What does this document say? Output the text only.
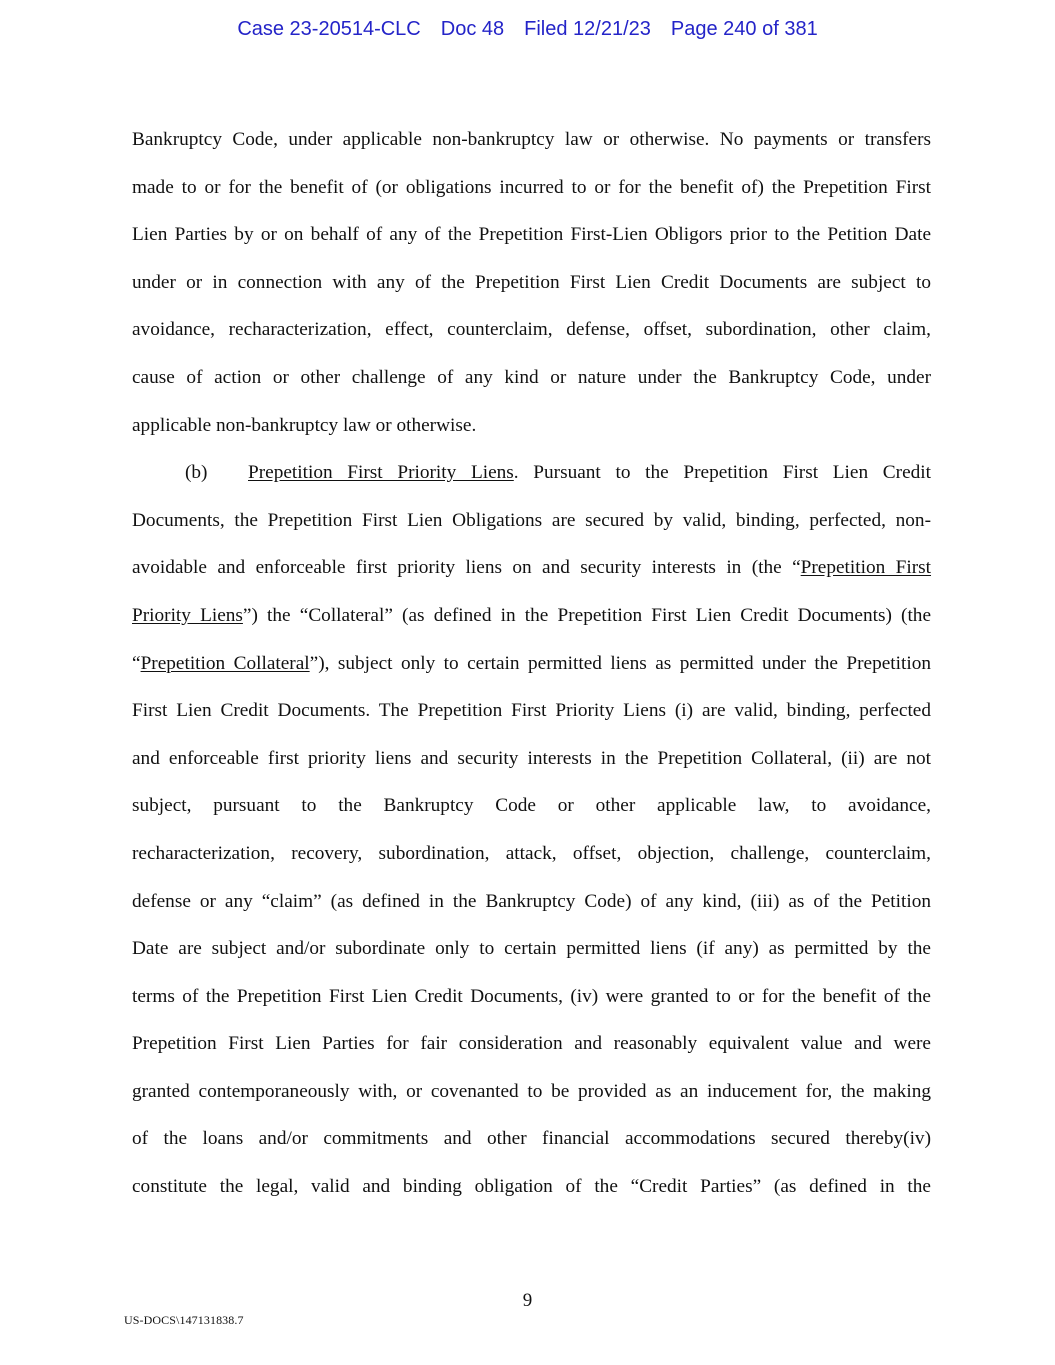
Case 23-20514-CLC Doc 48 Filed 12/21/23 Page 240 of 381
Bankruptcy Code, under applicable non-bankruptcy law or otherwise. No payments or transfers
made to or for the benefit of (or obligations incurred to or for the benefit of) the Prepetition First
Lien Parties by or on behalf of any of the Prepetition First-Lien Obligors prior to the Petition Date
under or in connection with any of the Prepetition First Lien Credit Documents are subject to
avoidance, recharacterization, effect, counterclaim, defense, offset, subordination, other claim,
cause of action or other challenge of any kind or nature under the Bankruptcy Code, under
applicable non-bankruptcy law or otherwise.
(b) Prepetition First Priority Liens. Pursuant to the Prepetition First Lien Credit
Documents, the Prepetition First Lien Obligations are secured by valid, binding, perfected, non-
avoidable and enforceable first priority liens on and security interests in (the “Prepetition First
Priority Liens”) the “Collateral” (as defined in the Prepetition First Lien Credit Documents) (the
“Prepetition Collateral”), subject only to certain permitted liens as permitted under the Prepetition
First Lien Credit Documents. The Prepetition First Priority Liens (i) are valid, binding, perfected
and enforceable first priority liens and security interests in the Prepetition Collateral, (ii) are not
subject, pursuant to the Bankruptcy Code or other applicable law, to avoidance,
recharacterization, recovery, subordination, attack, offset, objection, challenge, counterclaim,
defense or any “claim” (as defined in the Bankruptcy Code) of any kind, (iii) as of the Petition
Date are subject and/or subordinate only to certain permitted liens (if any) as permitted by the
terms of the Prepetition First Lien Credit Documents, (iv) were granted to or for the benefit of the
Prepetition First Lien Parties for fair consideration and reasonably equivalent value and were
granted contemporaneously with, or covenanted to be provided as an inducement for, the making
of the loans and/or commitments and other financial accommodations secured thereby(iv)
constitute the legal, valid and binding obligation of the “Credit Parties” (as defined in the
9
US-DOCS\147131838.7
